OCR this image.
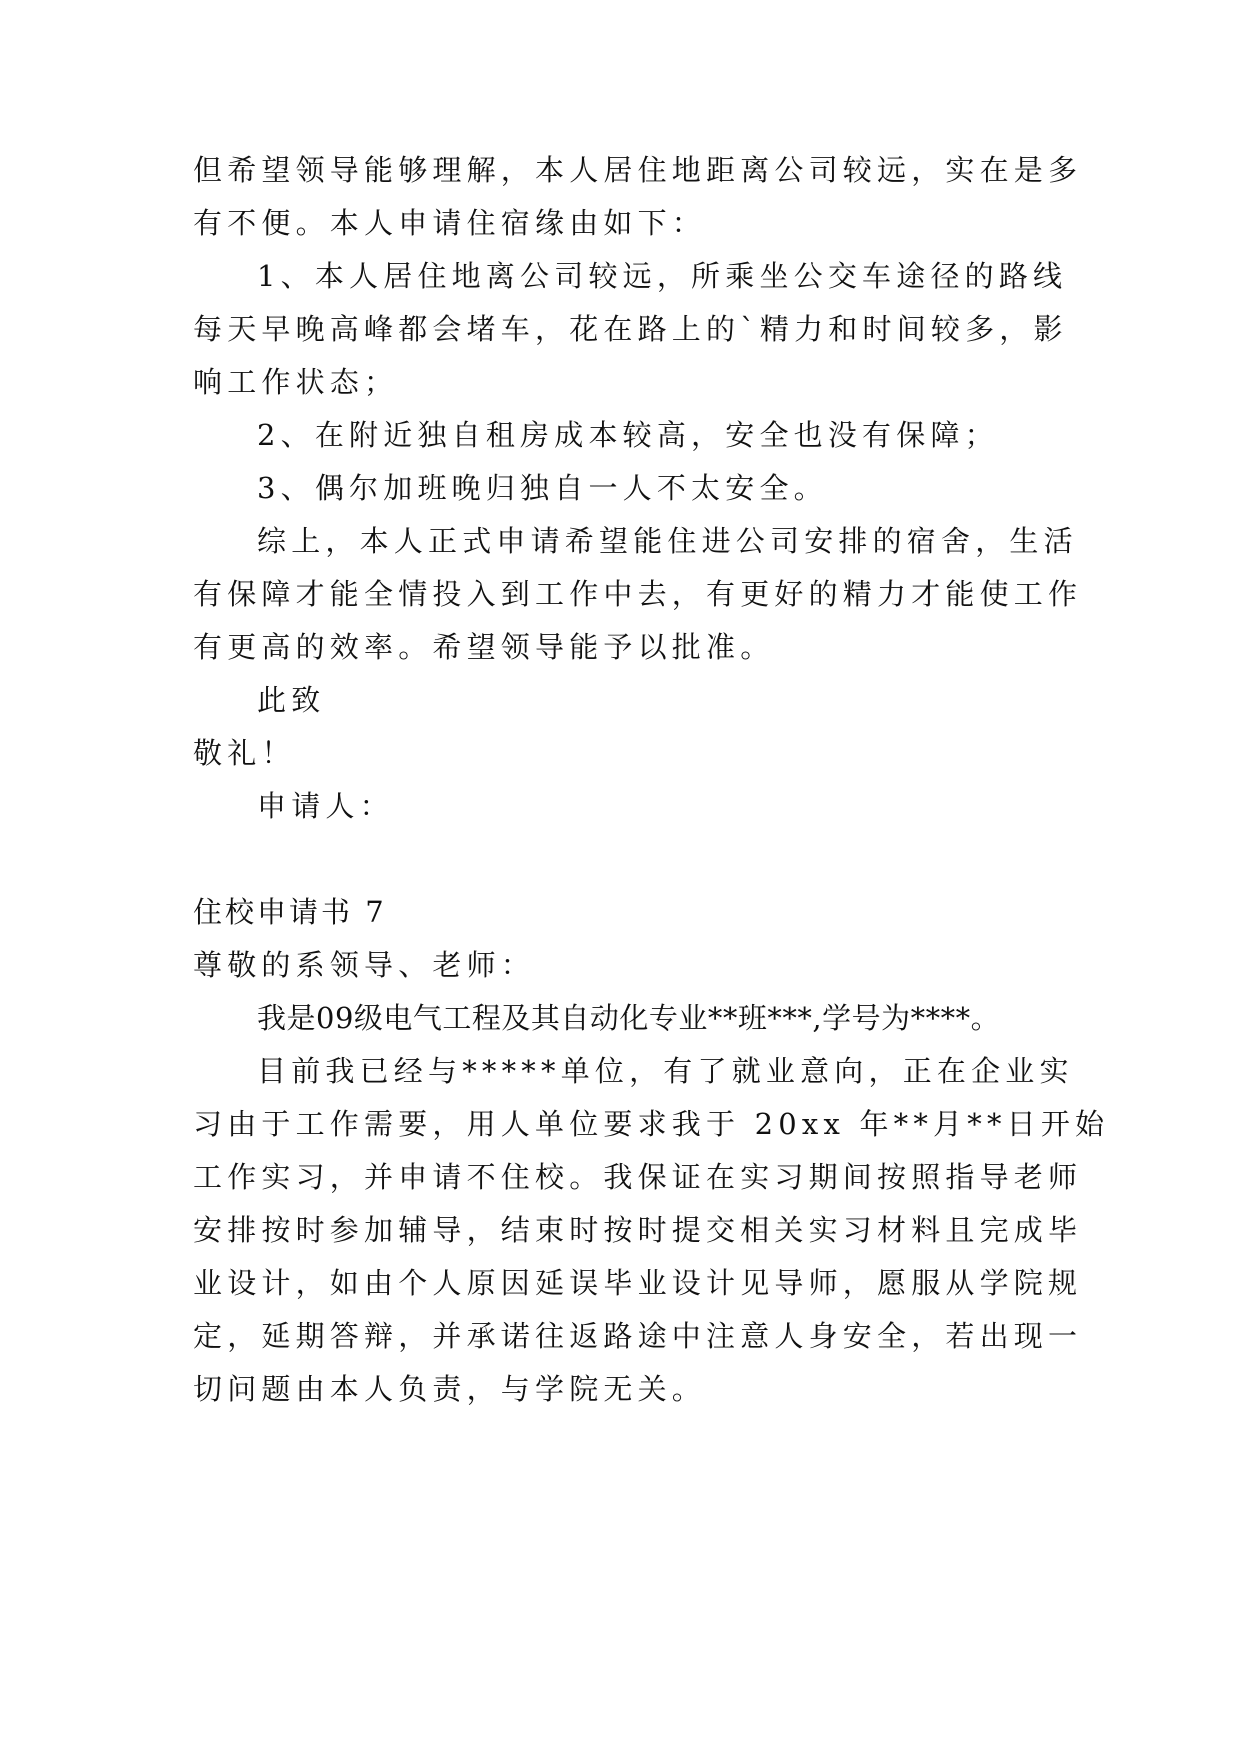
但希望领导能够理解，本人居住地距离公司较远，实在是多
有不便。本人申请住宿缘由如下：
1、本人居住地离公司较远，所乘坐公交车途径的路线
每天早晚高峰都会堵车，花在路上的`精力和时间较多，影
响工作状态；
2、在附近独自租房成本较高，安全也没有保障；
3、偶尔加班晚归独自一人不太安全。
综上，本人正式申请希望能住进公司安排的宿舍，生活
有保障才能全情投入到工作中去，有更好的精力才能使工作
有更高的效率。希望领导能予以批准。
此致
敬礼！
申请人：
住校申请书 7
尊敬的系领导、老师：
我是09级电气工程及其自动化专业**班***,学号为****。
目前我已经与*****单位，有了就业意向，正在企业实
习由于工作需要，用人单位要求我于 20xx 年**月**日开始
工作实习，并申请不住校。我保证在实习期间按照指导老师
安排按时参加辅导，结束时按时提交相关实习材料且完成毕
业设计，如由个人原因延误毕业设计见导师，愿服从学院规
定，延期答辩，并承诺往返路途中注意人身安全，若出现一
切问题由本人负责，与学院无关。
